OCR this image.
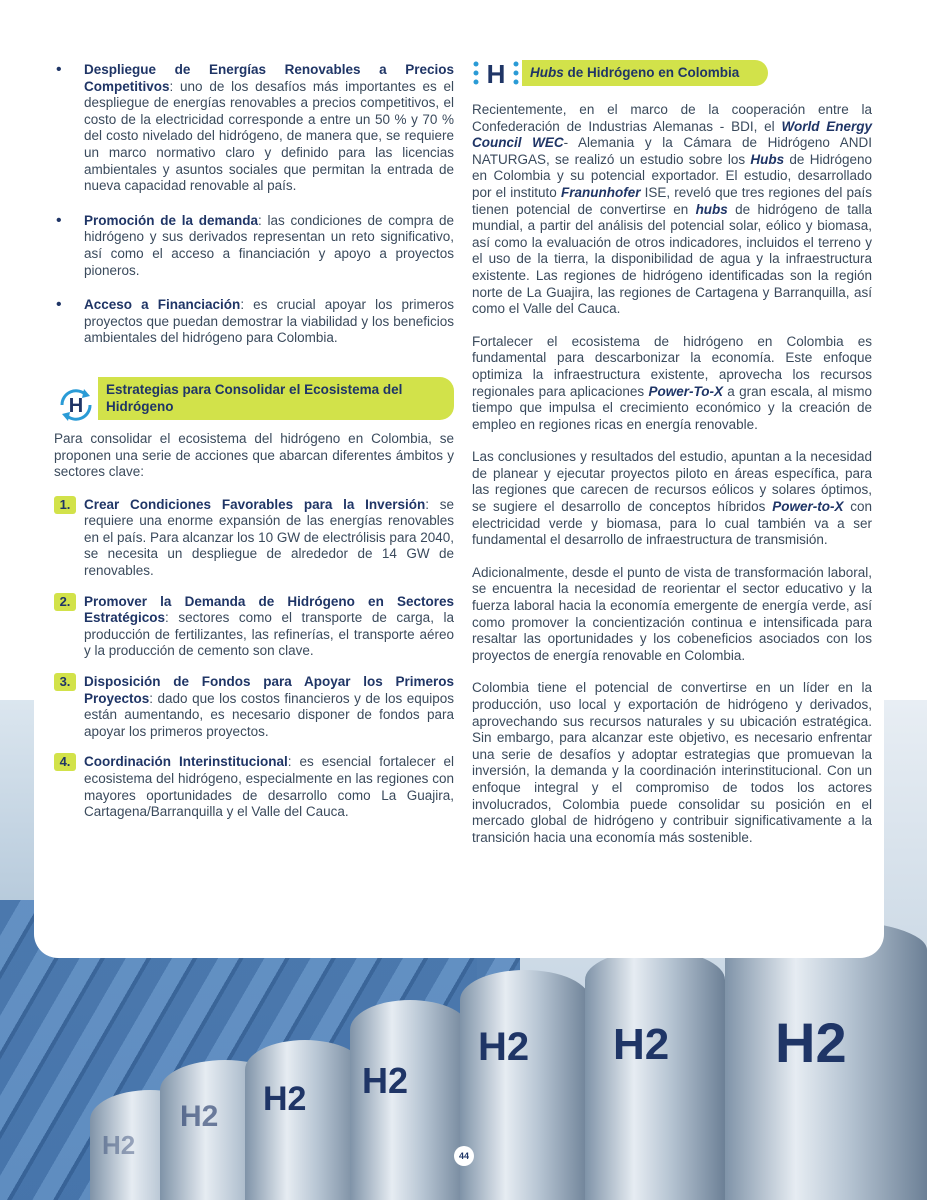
H2
H2 H2 H2
H2 H2 H2
• Despliegue de Energías Renovables a Precios Competitivos: uno de los desafíos más importantes es el despliegue de energías renovables a precios competitivos, el costo de la electricidad corresponde a entre un 50 % y 70 % del costo nivelado del hidrógeno, de manera que, se requiere un marco normativo claro y definido para las licencias ambientales y asuntos sociales que permitan la entrada de nueva capacidad renovable al país.
• Promoción de la demanda: las condiciones de compra de hidrógeno y sus derivados representan un reto significativo, así como el acceso a financiación y apoyo a proyectos pioneros.
• Acceso a Financiación: es crucial apoyar los primeros proyectos que puedan demostrar la viabilidad y los beneficios ambientales del hidrógeno para Colombia.
H
Estrategias para Consolidar el Ecosistema del Hidrógeno

Para consolidar el ecosistema del hidrógeno en Colombia, se proponen una serie de acciones que abarcan diferentes ámbitos y sectores clave:

1.	Crear Condiciones Favorables para la Inversión: se requiere una enorme expansión de las energías renovables en el país. Para alcanzar los 10 GW de electrólisis para 2040, se necesita un despliegue de alrededor de 14 GW de renovables.
2.	Promover la Demanda de Hidrógeno en Sectores Estratégicos: sectores como el transporte de carga, la producción de fertilizantes, las refinerías, el transporte aéreo y la producción de cemento son clave.
3.	Disposición de Fondos para Apoyar los Primeros Proyectos: dado que los costos financieros y de los equipos están aumentando, es necesario disponer de fondos para apoyar los primeros proyectos.
4.	Coordinación Interinstitucional: es esencial fortalecer el ecosistema del hidrógeno, especialmente en las regiones con mayores oportunidades de desarrollo como La Guajira, Cartagena/Barranquilla y el Valle del Cauca.
H	Hubs de Hidrógeno en Colombia

Recientemente, en el marco de la cooperación entre la Confederación de Industrias Alemanas - BDI, el World Energy Council WEC- Alemania y la Cámara de Hidrógeno ANDI NATURGAS, se realizó un estudio sobre los Hubs de Hidrógeno en Colombia y su potencial exportador. El estudio, desarrollado por el instituto Franunhofer ISE, reveló que tres regiones del país tienen potencial de convertirse en hubs de hidrógeno de talla mundial, a partir del análisis del potencial solar, eólico y biomasa, así como la evaluación de otros indicadores, incluidos el terreno y el uso de la tierra, la disponibilidad de agua y la infraestructura existente. Las regiones de hidrógeno identificadas son la región norte de La Guajira, las regiones de Cartagena y Barranquilla, así como el Valle del Cauca.

Fortalecer el ecosistema de hidrógeno en Colombia es fundamental para descarbonizar la economía. Este enfoque optimiza la infraestructura existente, aprovecha los recursos regionales para aplicaciones Power-To-X a gran escala, al mismo tiempo que impulsa el crecimiento económico y la creación de empleo en regiones ricas en energía renovable.

Las conclusiones y resultados del estudio, apuntan a la necesidad de planear y ejecutar proyectos piloto en áreas específica, para las regiones que carecen de recursos eólicos y solares óptimos, se sugiere el desarrollo de conceptos híbridos Power-to-X con electricidad verde y biomasa, para lo cual también va a ser fundamental el desarrollo de infraestructura de transmisión.

Adicionalmente, desde el punto de vista de transformación laboral, se encuentra la necesidad de reorientar el sector educativo y la fuerza laboral hacia la economía emergente de energía verde, así como promover la concientización continua e intensificada para resaltar las oportunidades y los cobeneficios asociados con los proyectos de energía renovable en Colombia.

Colombia tiene el potencial de convertirse en un líder en la producción, uso local y exportación de hidrógeno y derivados, aprovechando sus recursos naturales y su ubicación estratégica. Sin embargo, para alcanzar este objetivo, es necesario enfrentar una serie de desafíos y adoptar estrategias que promuevan la inversión, la demanda y la coordinación interinstitucional. Con un enfoque integral y el compromiso de todos los actores involucrados, Colombia puede consolidar su posición en el mercado global de hidrógeno y contribuir significativamente a la transición hacia una economía más sostenible.

44
